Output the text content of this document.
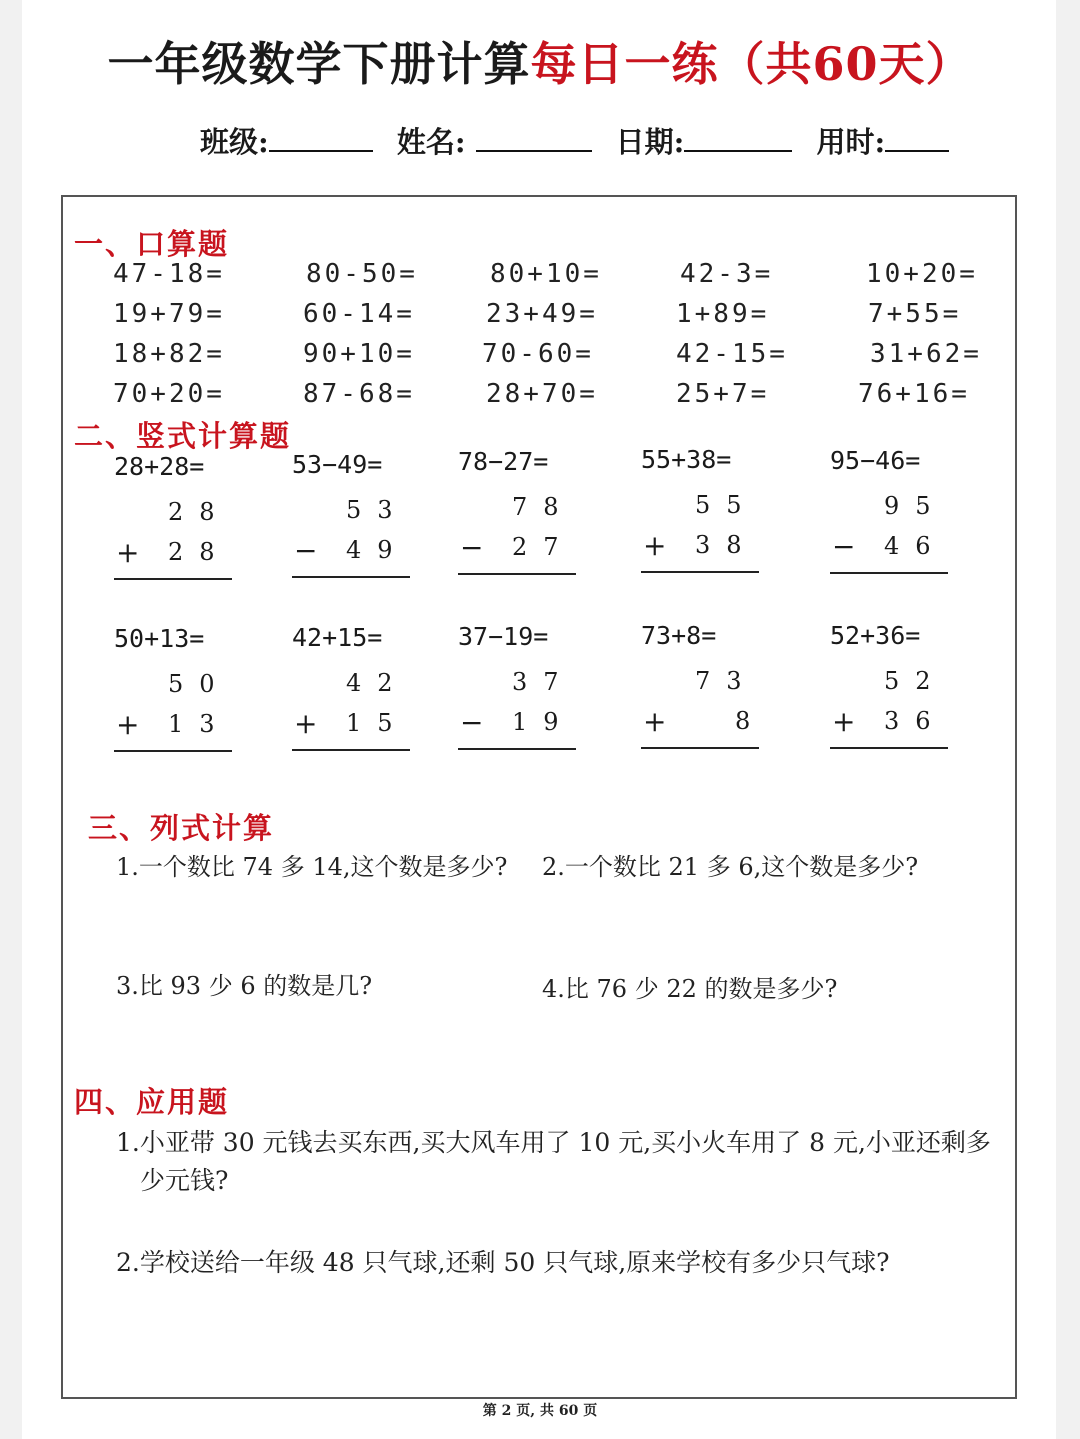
一年级数学下册计算每日一练（共60天）
班级:	姓名:	日期:	用时:
一、口算题
47-18=	80-50=	80+10=	42-3=	10+20=
19+79=	60-14=	23+49=	1+89=	7+55=
18+82=	90+10=	70-60=	42-15=	31+62=
70+20=	87-68=	28+70=	25+7=	76+16=
二、竖式计算题
28+28=
28
+ 28
53−49=
53
− 49
78−27=
78
− 27
55+38=
55
+ 38
95−46=
95
− 46
50+13=
50
+ 13
42+15=
42
+ 15
37−19=
37
− 19
73+8=
73
+	8
52+36=
52
+ 36
三、列式计算
1.一个数比 74 多 14,这个数是多少? 2.一个数比 21 多 6,这个数是多少?
3.比 93 少 6 的数是几?	4.比 76 少 22 的数是多少?
四、应用题
1.小亚带 30 元钱去买东西,买大风车用了 10 元,买小火车用了 8 元,小亚还剩多少元钱?
2.学校送给一年级 48 只气球,还剩 50 只气球,原来学校有多少只气球?
第 2 页, 共 60 页
